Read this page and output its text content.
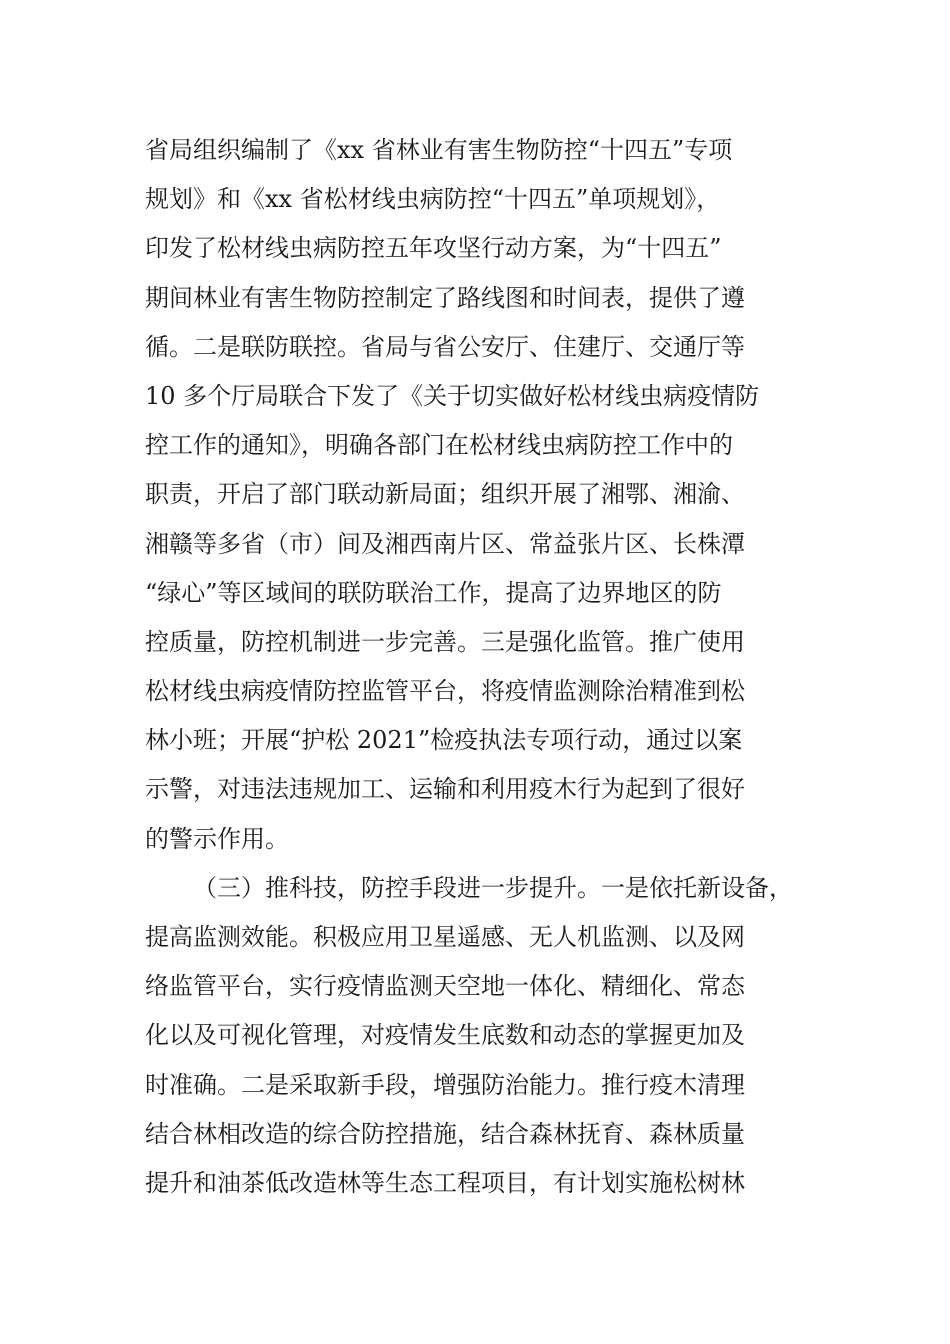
省局组织编制了《xx 省林业有害生物防控“十四五”专项
规划》和《xx 省松材线虫病防控“十四五”单项规划》，
印发了松材线虫病防控五年攻坚行动方案，为“十四五”
期间林业有害生物防控制定了路线图和时间表，提供了遵
循。二是联防联控。省局与省公安厅、住建厅、交通厅等
10 多个厅局联合下发了《关于切实做好松材线虫病疫情防
控工作的通知》，明确各部门在松材线虫病防控工作中的
职责，开启了部门联动新局面；组织开展了湘鄂、湘渝、
湘赣等多省（市）间及湘西南片区、常益张片区、长株潭
“绿心”等区域间的联防联治工作，提高了边界地区的防
控质量，防控机制进一步完善。三是强化监管。推广使用
松材线虫病疫情防控监管平台，将疫情监测除治精准到松
林小班；开展“护松 2021”检疫执法专项行动，通过以案
示警，对违法违规加工、运输和利用疫木行为起到了很好
的警示作用。
（三）推科技，防控手段进一步提升。一是依托新设备，
提高监测效能。积极应用卫星遥感、无人机监测、以及网
络监管平台，实行疫情监测天空地一体化、精细化、常态
化以及可视化管理，对疫情发生底数和动态的掌握更加及
时准确。二是采取新手段，增强防治能力。推行疫木清理
结合林相改造的综合防控措施，结合森林抚育、森林质量
提升和油茶低改造林等生态工程项目，有计划实施松树林
